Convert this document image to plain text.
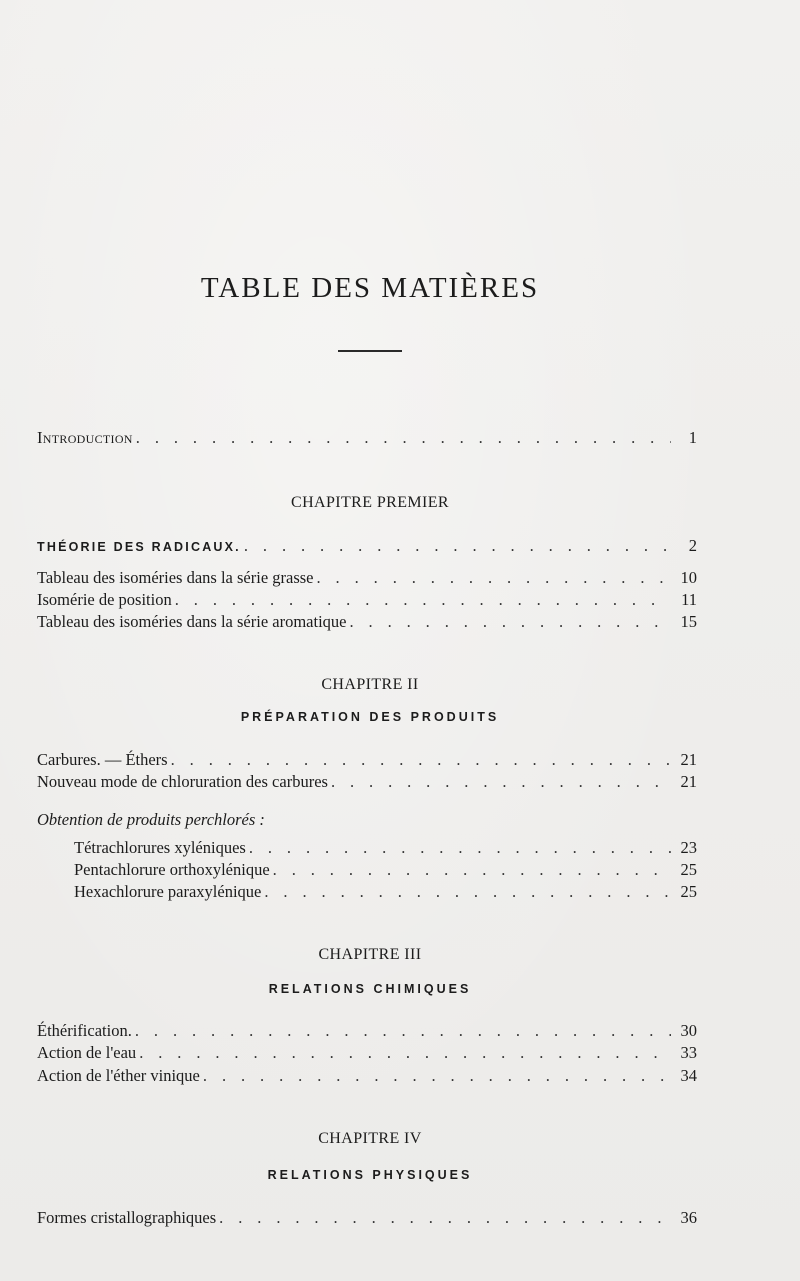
TABLE DES MATIÈRES
Introduction . . .	1
CHAPITRE PREMIER
THÉORIE DES RADICAUX. . . .	2
Tableau des isoméries dans la série grasse . . .	10
Isomérie de position . . .	11
Tableau des isoméries dans la série aromatique . . .	15
CHAPITRE II
PRÉPARATION DES PRODUITS
Carbures. — Éthers . . .	21
Nouveau mode de chloruration des carbures . . .	21
Obtention de produits perchlorés :
Tétrachlorures xyléniques . . .	23
Pentachlorure orthoxylénique . . .	25
Hexachlorure paraxylénique . . .	25
CHAPITRE III
RELATIONS CHIMIQUES
Éthérification. . . .	30
Action de l'eau . . .	33
Action de l'éther vinique . . .	34
CHAPITRE IV
RELATIONS PHYSIQUES
Formes cristallographiques . . .	36
